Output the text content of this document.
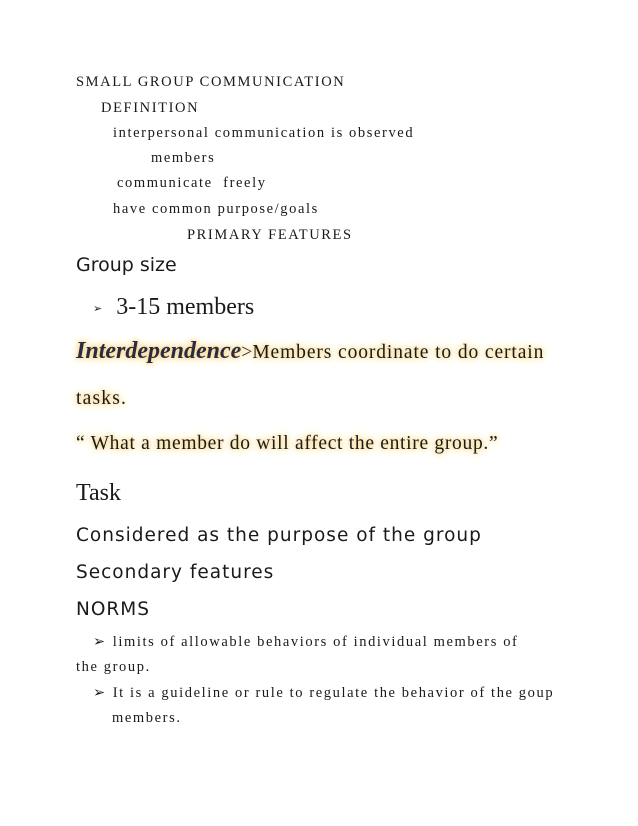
SMALL GROUP COMMUNICATION

DEFINITION

interpersonal communication is observed

members

communicate  freely

have common purpose/goals

PRIMARY FEATURES

Group size

➢ 3-15 members

Interdependence>Members coordinate to do certain

tasks.

“ What a member do will affect the entire group.”

Task

Considered as the purpose of the group

Secondary features

NORMS

➢ limits of allowable behaviors of individual members of

the group.

➢ It is a guideline or rule to regulate the behavior of the goup

members.
